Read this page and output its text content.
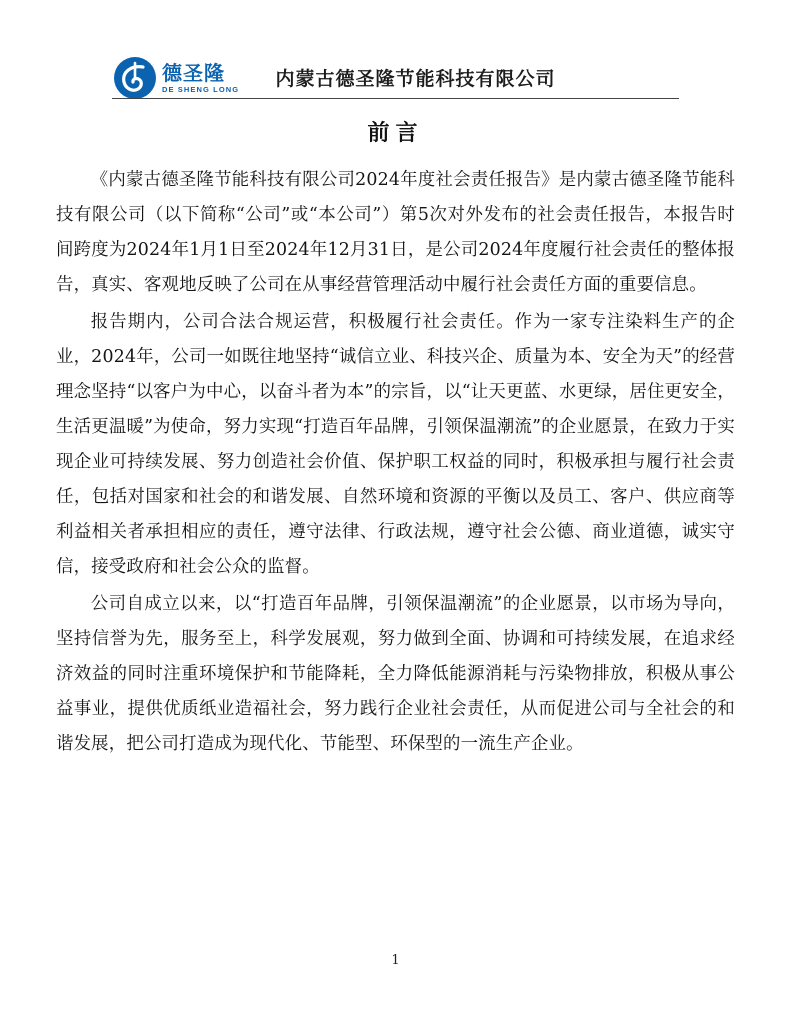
德圣隆
DE SHENG LONG	内蒙古德圣隆节能科技有限公司
前言

《内蒙古德圣隆节能科技有限公司2024年度社会责任报告》是内蒙古德圣隆节能科技有限公司（以下简称“公司”或“本公司”）第5次对外发布的社会责任报告，本报告时间跨度为2024年1月1日至2024年12月31日，是公司2024年度履行社会责任的整体报告，真实、客观地反映了公司在从事经营管理活动中履行社会责任方面的重要信息。

报告期内，公司合法合规运营，积极履行社会责任。作为一家专注染料生产的企业，2024年，公司一如既往地坚持“诚信立业、科技兴企、质量为本、安全为天”的经营理念坚持“以客户为中心，以奋斗者为本”的宗旨，以“让天更蓝、水更绿，居住更安全，生活更温暖”为使命，努力实现“打造百年品牌，引领保温潮流”的企业愿景，在致力于实现企业可持续发展、努力创造社会价值、保护职工权益的同时，积极承担与履行社会责任，包括对国家和社会的和谐发展、自然环境和资源的平衡以及员工、客户、供应商等利益相关者承担相应的责任，遵守法律、行政法规，遵守社会公德、商业道德，诚实守信，接受政府和社会公众的监督。

公司自成立以来，以“打造百年品牌，引领保温潮流”的企业愿景，以市场为导向，坚持信誉为先，服务至上，科学发展观，努力做到全面、协调和可持续发展，在追求经济效益的同时注重环境保护和节能降耗，全力降低能源消耗与污染物排放，积极从事公益事业，提供优质纸业造福社会，努力践行企业社会责任，从而促进公司与全社会的和谐发展，把公司打造成为现代化、节能型、环保型的一流生产企业。

1
